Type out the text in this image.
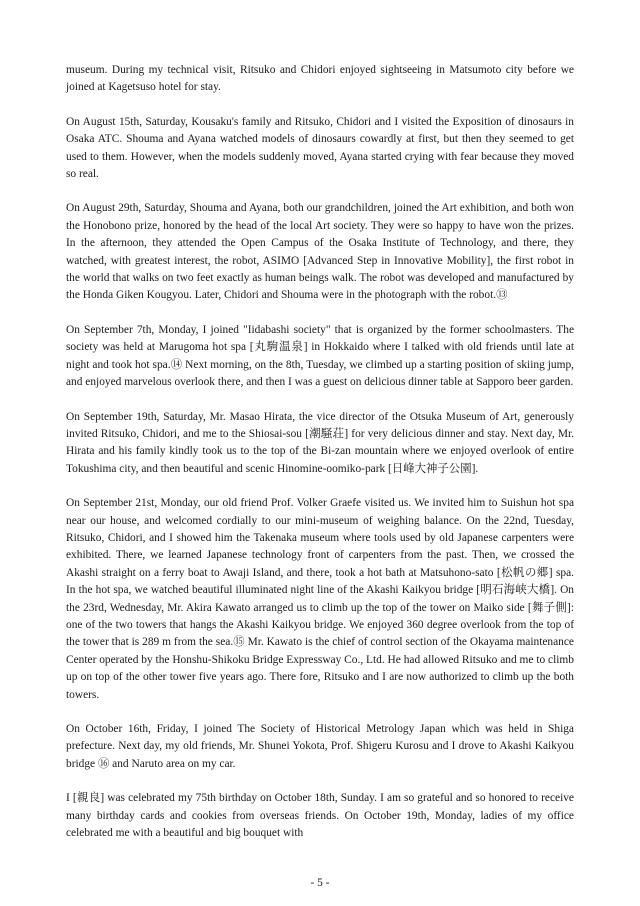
museum. During my technical visit, Ritsuko and Chidori enjoyed sightseeing in Matsumoto city before we joined at Kagetsuso hotel for stay.

On August 15th, Saturday, Kousaku's family and Ritsuko, Chidori and I visited the Exposition of dinosaurs in Osaka ATC. Shouma and Ayana watched models of dinosaurs cowardly at first, but then they seemed to get used to them. However, when the models suddenly moved, Ayana started crying with fear because they moved so real.

On August 29th, Saturday, Shouma and Ayana, both our grandchildren, joined the Art exhibition, and both won the Honobono prize, honored by the head of the local Art society. They were so happy to have won the prizes. In the afternoon, they attended the Open Campus of the Osaka Institute of Technology, and there, they watched, with greatest interest, the robot, ASIMO [Advanced Step in Innovative Mobility], the first robot in the world that walks on two feet exactly as human beings walk. The robot was developed and manufactured by the Honda Giken Kougyou. Later, Chidori and Shouma were in the photograph with the robot.⑬

On September 7th, Monday, I joined "Iidabashi society" that is organized by the former schoolmasters. The society was held at Marugoma hot spa [丸駒温泉] in Hokkaido where I talked with old friends until late at night and took hot spa.⑭ Next morning, on the 8th, Tuesday, we climbed up a starting position of skiing jump, and enjoyed marvelous overlook there, and then I was a guest on delicious dinner table at Sapporo beer garden.

On September 19th, Saturday, Mr. Masao Hirata, the vice director of the Otsuka Museum of Art, generously invited Ritsuko, Chidori, and me to the Shiosai-sou [潮騒荘] for very delicious dinner and stay. Next day, Mr. Hirata and his family kindly took us to the top of the Bi-zan mountain where we enjoyed overlook of entire Tokushima city, and then beautiful and scenic Hinomine-oomiko-park [日峰大神子公園].

On September 21st, Monday, our old friend Prof. Volker Graefe visited us. We invited him to Suishun hot spa near our house, and welcomed cordially to our mini-museum of weighing balance. On the 22nd, Tuesday, Ritsuko, Chidori, and I showed him the Takenaka museum where tools used by old Japanese carpenters were exhibited. There, we learned Japanese technology front of carpenters from the past. Then, we crossed the Akashi straight on a ferry boat to Awaji Island, and there, took a hot bath at Matsuhono-sato [松帆の郷] spa. In the hot spa, we watched beautiful illuminated night line of the Akashi Kaikyou bridge [明石海峡大橋]. On the 23rd, Wednesday, Mr. Akira Kawato arranged us to climb up the top of the tower on Maiko side [舞子側]: one of the two towers that hangs the Akashi Kaikyou bridge. We enjoyed 360 degree overlook from the top of the tower that is 289 m from the sea.⑮ Mr. Kawato is the chief of control section of the Okayama maintenance Center operated by the Honshu-Shikoku Bridge Expressway Co., Ltd. He had allowed Ritsuko and me to climb up on top of the other tower five years ago. There fore, Ritsuko and I are now authorized to climb up the both towers.

On October 16th, Friday, I joined The Society of Historical Metrology Japan which was held in Shiga prefecture. Next day, my old friends, Mr. Shunei Yokota, Prof. Shigeru Kurosu and I drove to Akashi Kaikyou bridge ⑯ and Naruto area on my car.

I [親良] was celebrated my 75th birthday on October 18th, Sunday. I am so grateful and so honored to receive many birthday cards and cookies from overseas friends. On October 19th, Monday, ladies of my office celebrated me with a beautiful and big bouquet with

- 5 -
